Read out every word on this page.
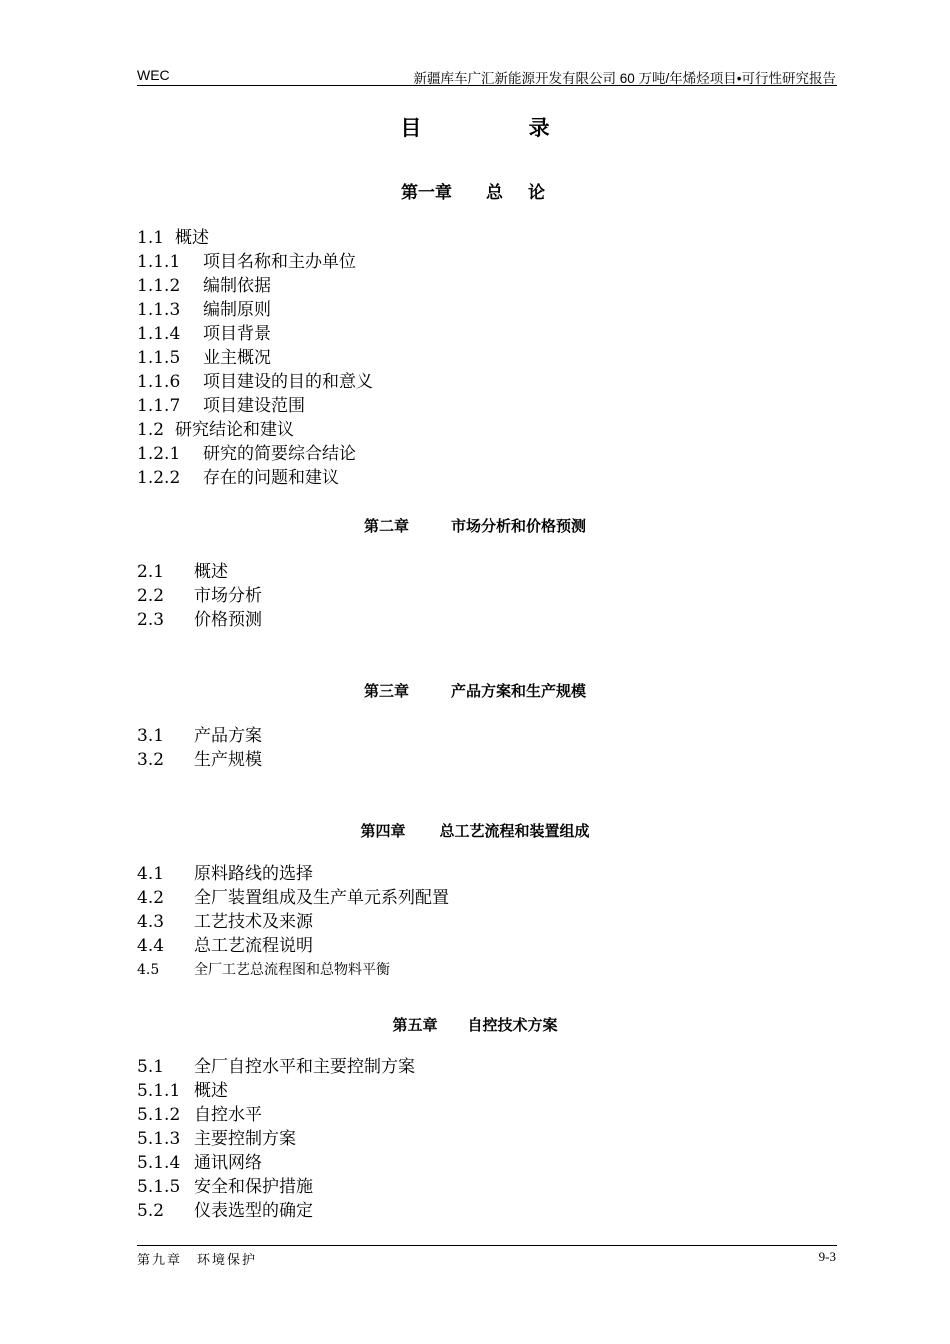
WEC	新疆库车广汇新能源开发有限公司 60 万吨/年烯烃项目•可行性研究报告
目 录
第一章 总　论
1.1 概述
1.1.1 项目名称和主办单位
1.1.2 编制依据
1.1.3 编制原则
1.1.4 项目背景
1.1.5 业主概况
1.1.6 项目建设的目的和意义
1.1.7 项目建设范围
1.2 研究结论和建议
1.2.1 研究的简要综合结论
1.2.2 存在的问题和建议
第二章	市场分析和价格预测
2.1 概述
2.2 市场分析
2.3 价格预测
第三章	产品方案和生产规模
3.1 产品方案
3.2 生产规模
第四章 总工艺流程和装置组成
4.1 原料路线的选择
4.2 全厂装置组成及生产单元系列配置
4.3 工艺技术及来源
4.4 总工艺流程说明
4.5 全厂工艺总流程图和总物料平衡
第五章 自控技术方案
5.1 全厂自控水平和主要控制方案
5.1.1 概述
5.1.2 自控水平
5.1.3 主要控制方案
5.1.4 通讯网络
5.1.5 安全和保护措施
5.2 仪表选型的确定
第九章　环境保护	9-3
